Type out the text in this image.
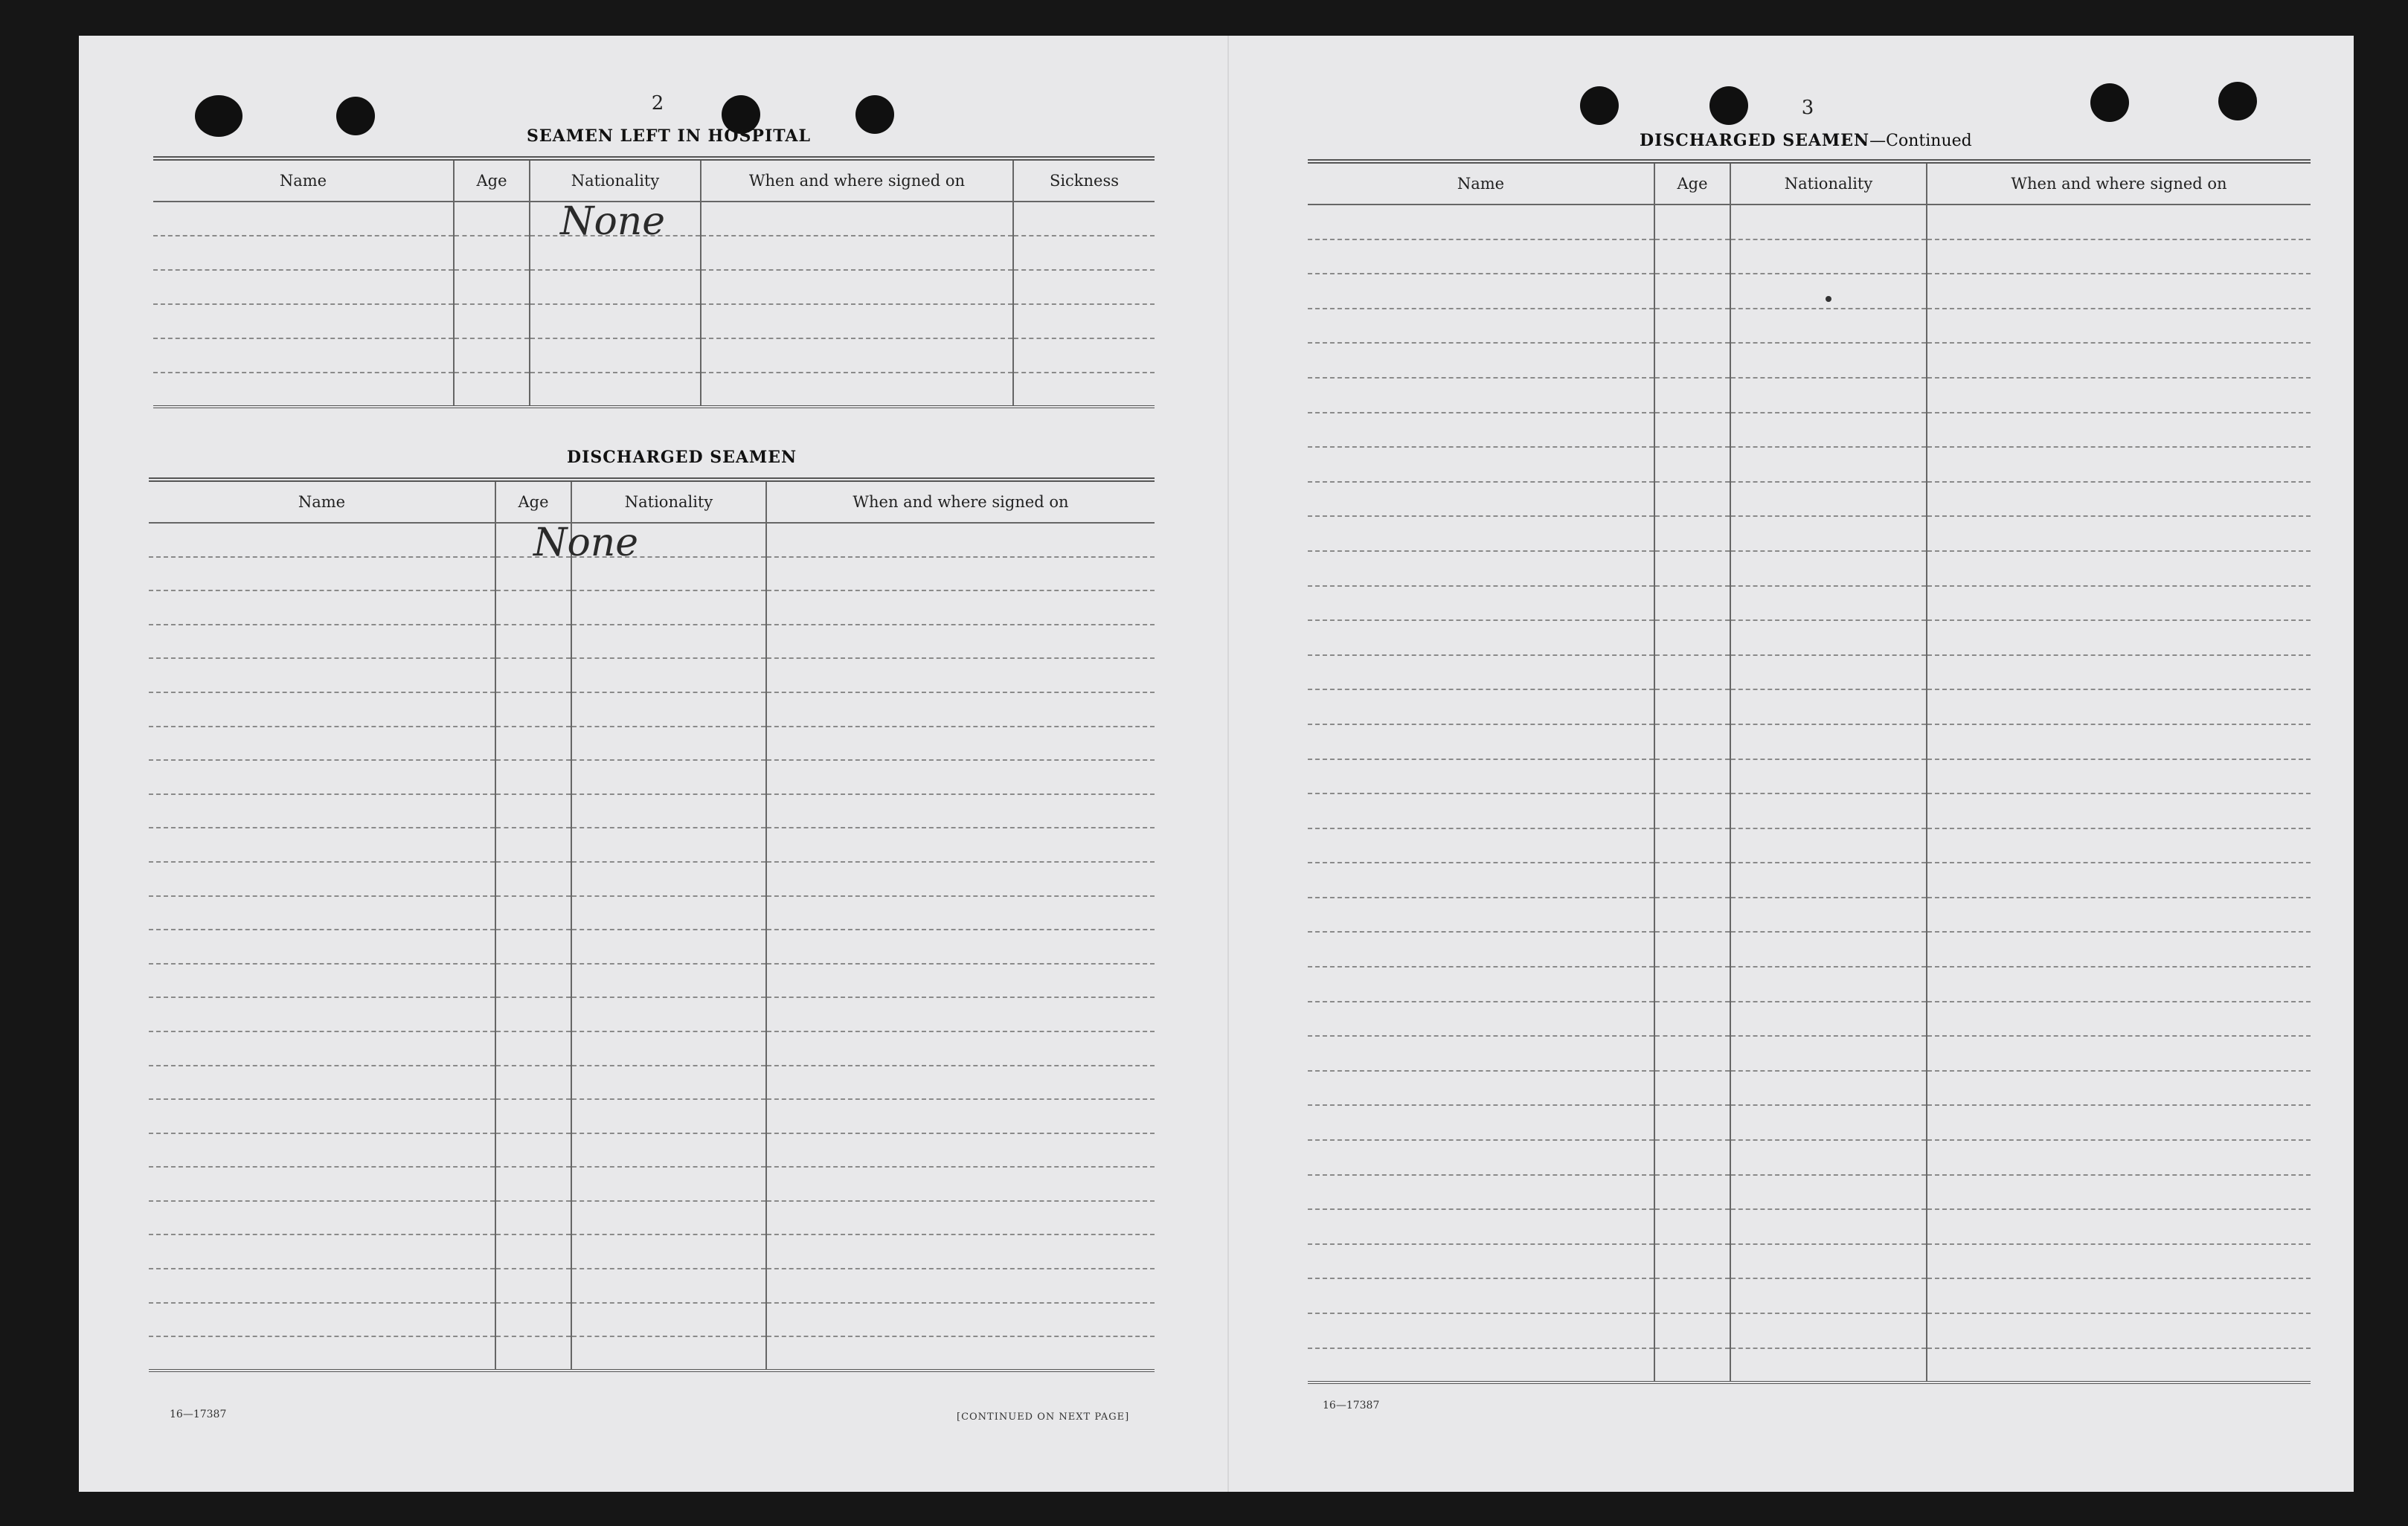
2
SEAMEN LEFT IN HOSPITAL
Name	Age	Nationality	When and where signed on	Sickness

		None		

DISCHARGED SEAMEN
Name	Age	Nationality	When and where signed on

	None		

16—17387	[CONTINUED ON NEXT PAGE]
3
DISCHARGED SEAMEN—Continued
Name	Age	Nationality	When and where signed on

16—17387
